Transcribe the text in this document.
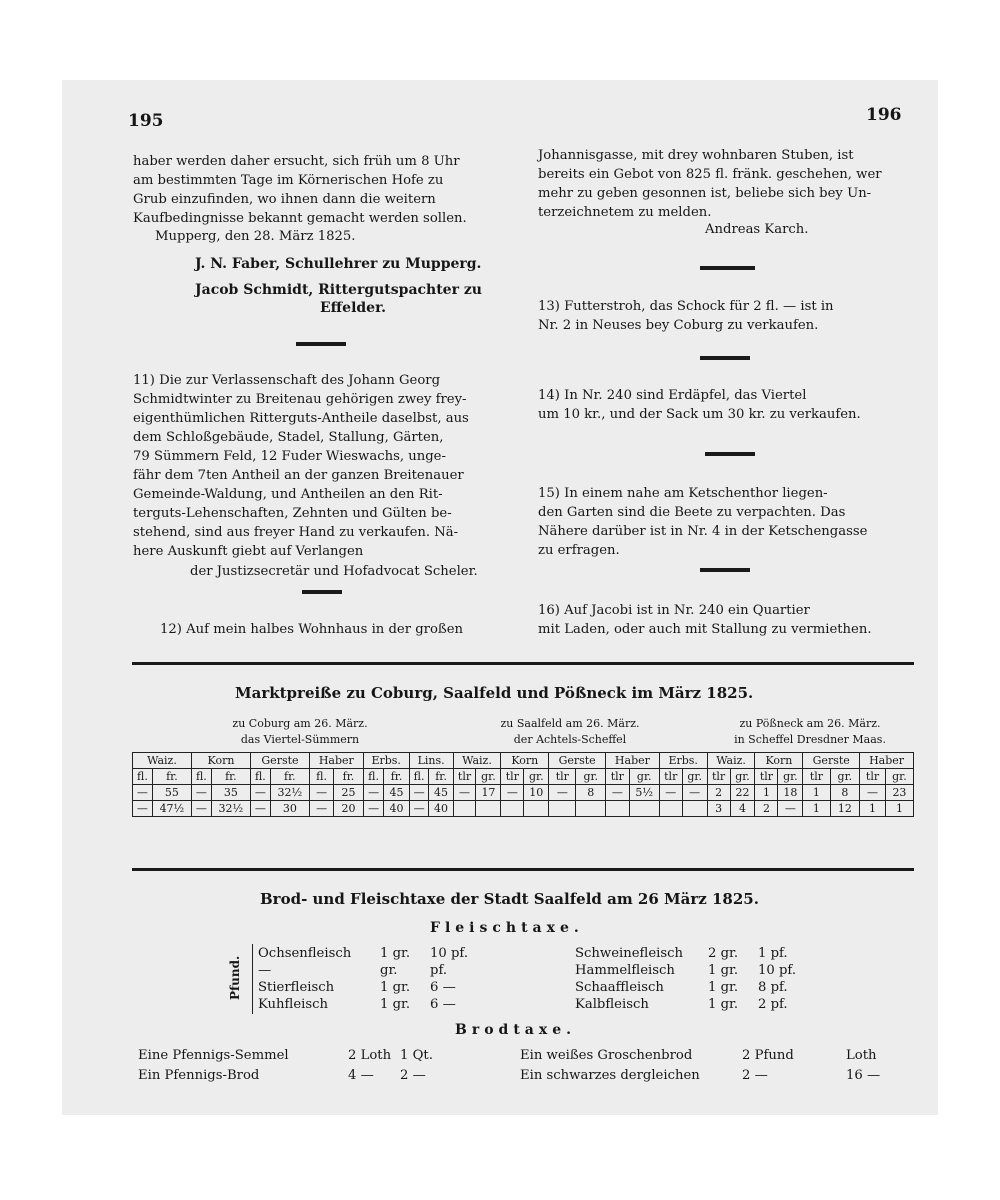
195	196
haber werden daher ersucht, sich früh um 8 Uhr
am bestimmten Tage im Körnerischen Hofe zu
Grub einzufinden, wo ihnen dann die weitern
Kaufbedingnisse bekannt gemacht werden sollen.
Mupperg, den 28. März 1825.
J. N. Faber, Schullehrer zu Mupperg.
Jacob Schmidt, Rittergutspachter zu
Effelder.
11) Die zur Verlassenschaft des Johann Georg
Schmidtwinter zu Breitenau gehörigen zwey frey-
eigenthümlichen Ritterguts-Antheile daselbst, aus
dem Schloßgebäude, Stadel, Stallung, Gärten,
79 Sümmern Feld, 12 Fuder Wieswachs, unge-
fähr dem 7ten Antheil an der ganzen Breitenauer
Gemeinde-Waldung, und Antheilen an den Rit-
terguts-Lehenschaften, Zehnten und Gülten be-
stehend, sind aus freyer Hand zu verkaufen. Nä-
here Auskunft giebt auf Verlangen
der Justizsecretär und Hofadvocat Scheler.
12) Auf mein halbes Wohnhaus in der großen
Johannisgasse, mit drey wohnbaren Stuben, ist
bereits ein Gebot von 825 fl. fränk. geschehen, wer
mehr zu geben gesonnen ist, beliebe sich bey Un-
terzeichnetem zu melden.
Andreas Karch.
13) Futterstroh, das Schock für 2 fl. — ist in
Nr. 2 in Neuses bey Coburg zu verkaufen.
14) In Nr. 240 sind Erdäpfel, das Viertel
um 10 kr., und der Sack um 30 kr. zu verkaufen.
15) In einem nahe am Ketschenthor liegen-
den Garten sind die Beete zu verpachten. Das
Nähere darüber ist in Nr. 4 in der Ketschengasse
zu erfragen.
16) Auf Jacobi ist in Nr. 240 ein Quartier
mit Laden, oder auch mit Stallung zu vermiethen.
Marktpreiße zu Coburg, Saalfeld und Pößneck im März 1825.
zu Coburg am 26. März.
das Viertel-Sümmern
zu Saalfeld am 26. März.
der Achtels-Scheffel
zu Pößneck am 26. März.
in Scheffel Dresdner Maas.
Waiz.		Korn		Gerste		Haber		Erbs.		Lins.		Waiz.		Korn		Gerste		Haber		Erbs.		Waiz.		Korn		Gerste		Haber	
fl.	fr.	fl.	fr.	fl.	fr.	fl.	fr.	fl.	fr.	fl.	fr.	tlr	gr.	tlr	gr.	tlr	gr.	tlr	gr.	tlr	gr.	tlr	gr.	tlr	gr.	tlr	gr.	tlr	gr.
—	55	—	35	—	32½	—	25	—	45	—	45	—	17	—	10	—	8	—	5½	—	—	2	22	1	18	1	8	—	23
—	47½	—	32½	—	30	—	20	—	40	—	40											3	4	2	—	1	12	1	1
Brod- und Fleischtaxe der Stadt Saalfeld am 26 März 1825.
Fleischtaxe.
Pfund.
Ochsenfleisch 1 gr. 10 pf.
—	gr. pf.
Stierfleisch	1 gr. 6 —
Kuhfleisch	1 gr. 6 —
Schweinefleisch 2 gr. 1 pf.
Hammelfleisch	1 gr. 10 pf.
Schaaffleisch	1 gr. 8 pf.
Kalbfleisch	1 gr. 2 pf.
Brodtaxe.
Eine Pfennigs-Semmel	2 Loth 1 Qt.
Ein Pfennigs-Brod	4 — 2 —
Ein weißes Groschenbrod	2 Pfund	Loth
Ein schwarzes dergleichen	2 —	16 —
